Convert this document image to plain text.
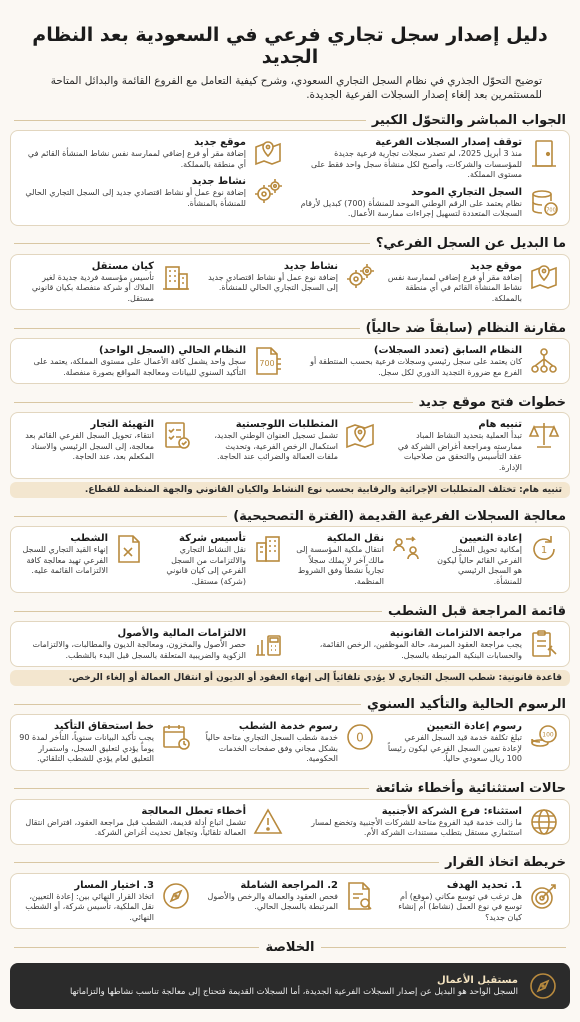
دليل إصدار سجل تجاري فرعي في السعودية بعد النظام الجديد
توضيح التحوّل الجذري في نظام السجل التجاري السعودي، وشرح كيفية التعامل مع الفروع القائمة والبدائل المتاحة للمستثمرين بعد إلغاء إصدار السجلات الفرعية الجديدة.
الجواب المباشر والتحوّل الكبير
توقف إصدار السجلات الفرعية
منذ 3 أبريل 2025، لم تصدر سجلات تجارية فرعية جديدة للمؤسسات والشركات، وأصبح لكل منشأة سجل واحد فقط على مستوى المملكة.
السجل التجاري الموحد
نظام يعتمد على الرقم الوطني الموحد للمنشأة (700) كبديل لأرقام السجلات المتعددة لتسهيل إجراءات ممارسة الأعمال.
موقع جديد
إضافة مقر أو فرع إضافي لممارسة نفس نشاط المنشأة القائم في أي منطقة بالمملكة.
نشاط جديد
إضافة نوع عمل أو نشاط اقتصادي جديد إلى السجل التجاري الحالي للمنشأة بالمنشأة.
ما البديل عن السجل الفرعي؟
موقع جديد
إضافة مقر أو فرع إضافي لممارسة نفس نشاط المنشأة القائم في أي منطقة بالمملكة.
نشاط جديد
إضافة نوع عمل أو نشاط اقتصادي جديد إلى السجل التجاري الحالي للمنشأة.
كيان مستقل
تأسيس مؤسسة فردية جديدة لغير الملاك أو شركة منفصلة بكيان قانوني مستقل.
مقارنة النظام (سابقاً ضد حالياً)
النظام السابق (تعدد السجلات)
كان يعتمد على سجل رئيسي وسجلات فرعية بحسب المنتطقة أو الفرع مع ضرورة التجديد الدوري لكل سجل.
النظام الحالي (السجل الواحد)
سجل واحد يشمل كافة الأعمال على مستوى المملكة، يعتمد على التأكيد السنوي للبيانات ومعالجة المواقع بصورة منفصلة.
خطوات فتح موقع جديد
تنبيه هام
تبدأ العملية بتحديد النشاط المباد ممارسته ومراجعة أغراض الشركة في عقد التأسيس والتحقق من صلاحيات الإدارة.
المتطلبات اللوجستية
تشمل تسجيل العنوان الوطني الجديد، استكمال الرخص الفرعية، وتحديث ملفات العمالة والضرائب عند الحاجة.
التهيئة التجار
انتقاء، تحويل السجل الفرعي القائم بعد معالجة، إلى السجل الرئيسي والاسناد المكعلم بعد، عند الحاجة.
تنبيه هام: تختلف المتطلبات الإجرائية والرقابية بحسب نوع النشاط والكيان القانوني والجهة المنظمة للقطاع.
معالجة السجلات الفرعية القديمة (الفترة التصحيحية)
إعادة التعيين
إمكانية تحويل السجل الفرعي القائم حالياً ليكون هو السجل الرئيسي للمنشأة.
نقل الملكية
انتقال ملكية المؤسسة إلى مالك آخر لا يملك سجلاً تجارياً نشطاً وفق الشروط المنظمة.
تأسيس شركة
نقل النشاط التجاري والالتزامات من السجل الفرعي إلى كيان قانوني (شركة) مستقل.
الشطب
إنهاء القيد التجاري للسجل الفرعي تهيد معالجة كافة الالتزامات القائمة عليه.
قائمة المراجعة قبل الشطب
مراجعة الالتزامات القانونية
يجب مراجعة العقود المبرمة، حالة الموظفين، الرخص القائمة، والحسابات البنكية المرتبطة بالسجل.
الالتزامات المالية والأصول
حصر الأصول والمخزون، ومعالجة الديون والمطالبات، والالتزامات الزكوية والضريبية المتعلقة بالسجل قبل البدء بالشطب.
قاعدة قانونية: شطب السجل التجاري لا يؤدي تلقائياً إلى إنهاء العقود أو الديون أو انتقال العمالة أو إلغاء الرخص.
الرسوم الحالية والتأكيد السنوي
رسوم إعادة التعيين
تبلغ تكلفة خدمة قيد السجل الفرعي لإعادة تعيين السجل الفرعي ليكون رئيساً 100 ريال سعودي حالياً.
رسوم خدمة الشطب
خدمة شطب السجل التجاري متاحة حالياً بشكل مجاني وفق صفحات الخدمات الحكومية.
خط استحقاق التأكيد
يجب تأكيد البيانات سنوياً، التأخر لمدة 90 يوماً يؤدي لتعليق السجل، واستمرار التعليق لعام يؤدي للشطب التلقائي.
حالات استثنائية وأخطاء شائعة
استثناء: فرع الشركة الأجنبية
ما زالت خدمة قيد الفروع متاحة للشركات الأجنبية وتخضع لمسار استثماري مستقل بتطلب مستندات الشركة الأم.
أخطاء تعطل المعالجة
تشمل اتباع أدلة قديمة، الشطب قبل مراجعة العقود، افتراض انتقال العمالة تلقائياً، وتجاهل تحديث أغراض الشركة.
خريطة اتخاذ القرار
1. تحديد الهدف
هل ترغب في توسع مكاني (موقع) أم توسع في نوع العمل (نشاط) أم إنشاء كيان جديد؟
2. المراجعة الشاملة
فحص العقود والعمالة والرخص والأصول المرتبطة بالسجل الحالي.
3. اختيار المسار
اتخاذ القرار النهائي بين: إعادة التعيين، نقل الملكية، تأسيس شركة، أو الشطب النهائي.
الخلاصة
مستقبل الأعمال
السجل الواحد هو البديل عن إصدار السجلات الفرعية الجديدة، أما السجلات القديمة فتحتاج إلى معالجة تناسب نشاطها والتزاماتها
